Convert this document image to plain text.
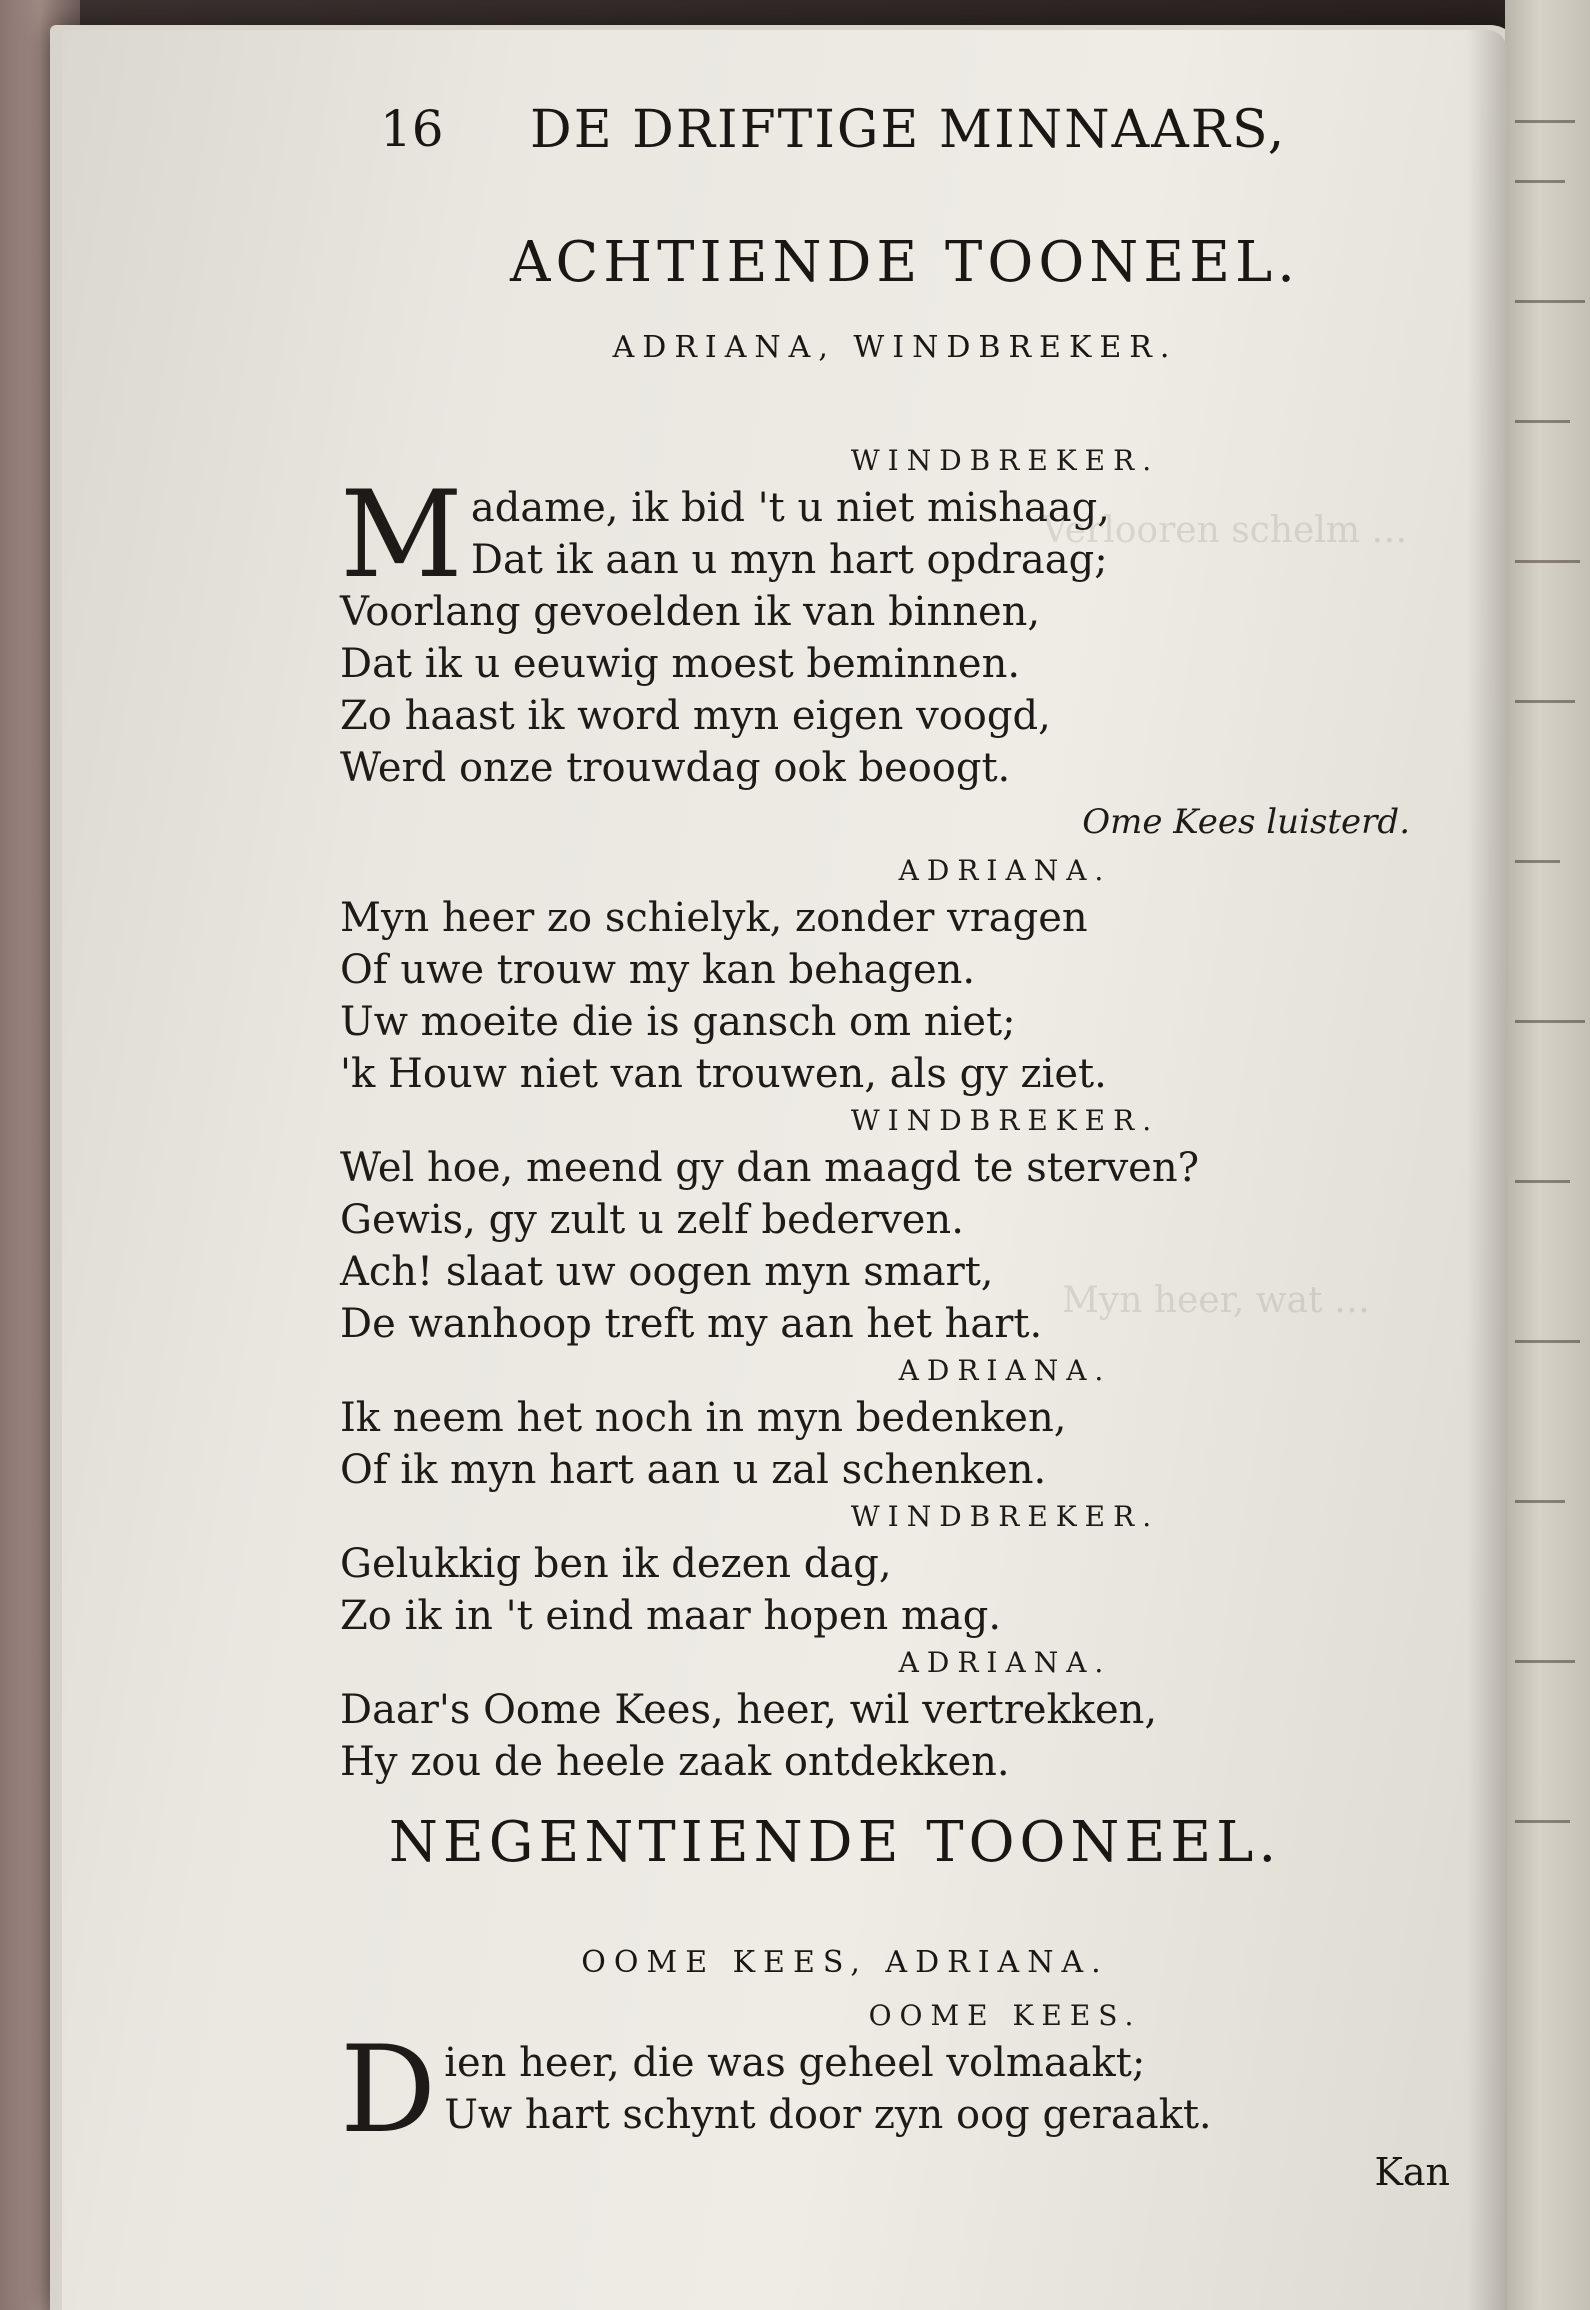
Verlooren schelm …
Myn heer, wat …
16 DE DRIFTIGE MINNAARS,
ACHTIENDE TOONEEL.
ADRIANA, WINDBREKER.
WINDBREKER.
M adame, ik bid 't u niet mishaag,
Dat ik aan u myn hart opdraag;
Voorlang gevoelden ik van binnen,
Dat ik u eeuwig moest beminnen.
Zo haast ik word myn eigen voogd,
Werd onze trouwdag ook beoogt.
Ome Kees luisterd.
ADRIANA.
Myn heer zo schielyk, zonder vragen
Of uwe trouw my kan behagen.
Uw moeite die is gansch om niet;
'k Houw niet van trouwen, als gy ziet.
WINDBREKER.
Wel hoe, meend gy dan maagd te sterven?
Gewis, gy zult u zelf bederven.
Ach! slaat uw oogen myn smart,
De wanhoop treft my aan het hart.
ADRIANA.
Ik neem het noch in myn bedenken,
Of ik myn hart aan u zal schenken.
WINDBREKER.
Gelukkig ben ik dezen dag,
Zo ik in 't eind maar hopen mag.
ADRIANA.
Daar's Oome Kees, heer, wil vertrekken,
Hy zou de heele zaak ontdekken.
NEGENTIENDE TOONEEL.
OOME KEES, ADRIANA.
OOME KEES.
D ien heer, die was geheel volmaakt;
Uw hart schynt door zyn oog geraakt.
Kan
